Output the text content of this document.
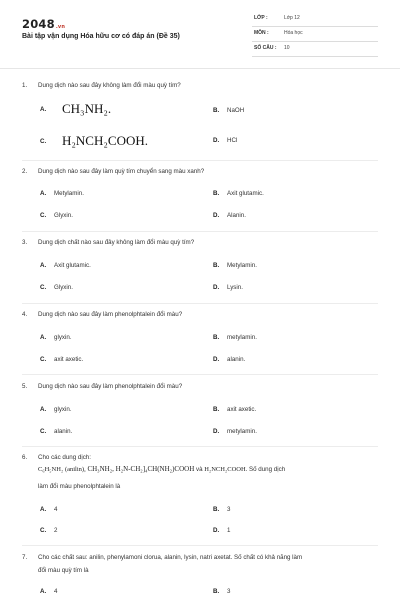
2048.vn
Bài tập vận dụng Hóa hữu cơ có đáp án (Đề 35)
LỚP :	Lớp 12
MÔN :	Hóa học
SỐ CÂU : 10
1. Dung dịch nào sau đây không làm đổi màu quỳ tím?
A. CH₃NH₂.	B. NaOH
C. H₂NCH₂COOH.	D. HCl
2. Dung dịch nào sau đây làm quỳ tím chuyển sang màu xanh?
A. Metylamin.	B. Axit glutamic.
C. Glyxin.	D. Alanin.
3. Dung dịch chất nào sau đây không làm đổi màu quỳ tím?
A. Axit glutamic.	B. Metylamin.
C. Glyxin.	D. Lysin.
4. Dung dịch nào sau đây làm phenolphtalein đổi màu?
A. glyxin.	B. metylamin.
C. axit axetic.	D. alanin.
5. Dung dịch nào sau đây làm phenolphtalein đổi màu?
A. glyxin.	B. axit axetic.
C. alanin.	D. metylamin.
6. Cho các dung dịch:
C₆H₅NH₂ (anilin), CH₃NH₂, H₂N-CH₂]₄CH(NH₂)COOH và H₂NCH₂COOH. Số dung dịch
làm đổi màu phenolphtalein là
A. 4	B. 3
C. 2	D. 1
7. Cho các chất sau: anilin, phenylamoni clorua, alanin, lysin, natri axetat. Số chất có khả năng làm
đổi màu quỳ tím là
A. 4	B. 3
